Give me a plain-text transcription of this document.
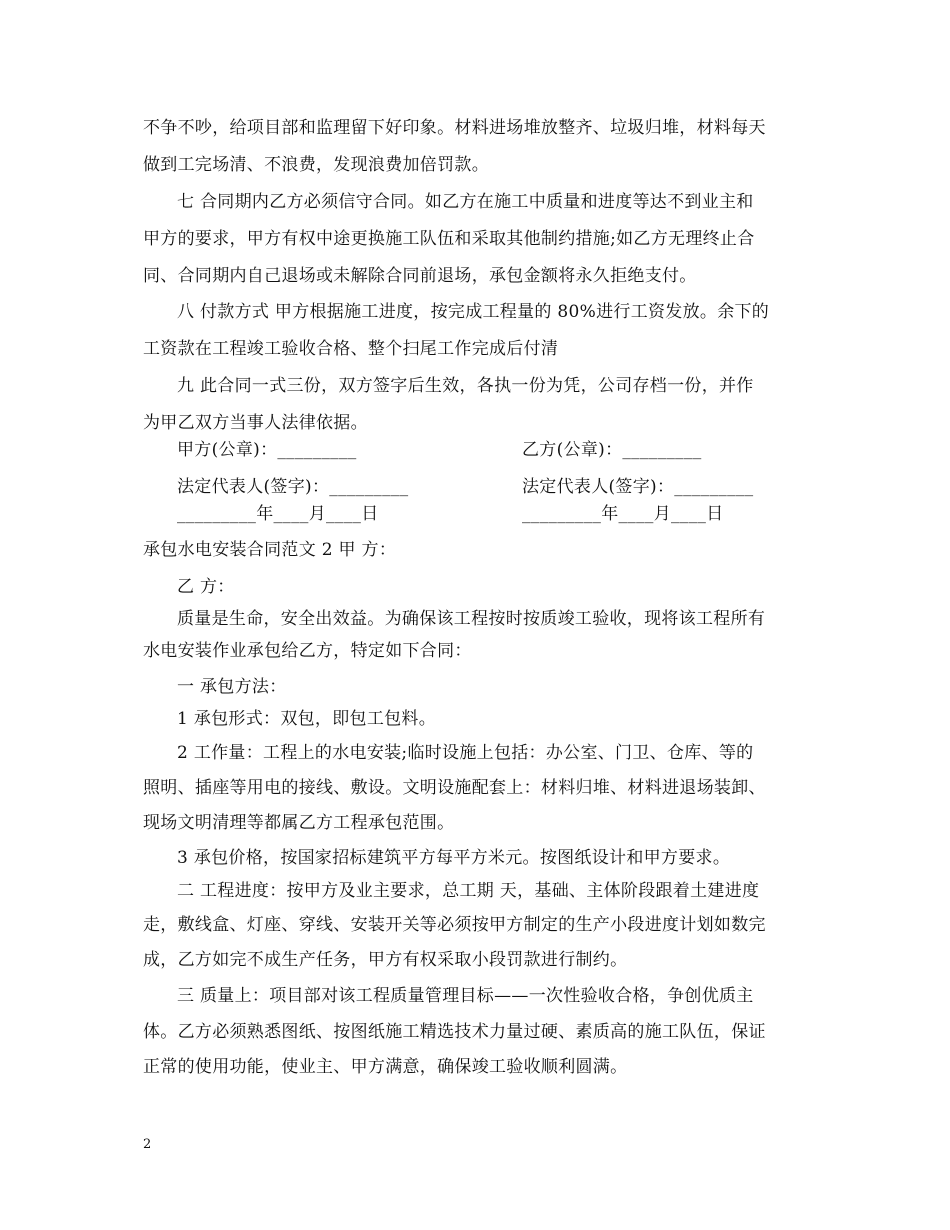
不争不吵，给项目部和监理留下好印象。材料进场堆放整齐、垃圾归堆，材料每天
做到工完场清、不浪费，发现浪费加倍罚款。
七 合同期内乙方必须信守合同。如乙方在施工中质量和进度等达不到业主和
甲方的要求，甲方有权中途更换施工队伍和采取其他制约措施;如乙方无理终止合
同、合同期内自己退场或未解除合同前退场，承包金额将永久拒绝支付。
八 付款方式 甲方根据施工进度，按完成工程量的 80%进行工资发放。余下的
工资款在工程竣工验收合格、整个扫尾工作完成后付清
九 此合同一式三份，双方签字后生效，各执一份为凭，公司存档一份，并作
为甲乙双方当事人法律依据。
甲方(公章)：_________	乙方(公章)：_________
法定代表人(签字)：_________	法定代表人(签字)：_________
_________年____月____日	_________年____月____日
承包水电安装合同范文 2 甲 方：
乙 方：
质量是生命，安全出效益。为确保该工程按时按质竣工验收，现将该工程所有
水电安装作业承包给乙方，特定如下合同：
一 承包方法：
1 承包形式：双包，即包工包料。
2 工作量：工程上的水电安装;临时设施上包括：办公室、门卫、仓库、等的
照明、插座等用电的接线、敷设。文明设施配套上：材料归堆、材料进退场装卸、
现场文明清理等都属乙方工程承包范围。
3 承包价格，按国家招标建筑平方每平方米元。按图纸设计和甲方要求。
二 工程进度：按甲方及业主要求，总工期 天，基础、主体阶段跟着土建进度
走，敷线盒、灯座、穿线、安装开关等必须按甲方制定的生产小段进度计划如数完
成，乙方如完不成生产任务，甲方有权采取小段罚款进行制约。
三 质量上：项目部对该工程质量管理目标——一次性验收合格，争创优质主
体。乙方必须熟悉图纸、按图纸施工精选技术力量过硬、素质高的施工队伍，保证
正常的使用功能，使业主、甲方满意，确保竣工验收顺利圆满。
2
